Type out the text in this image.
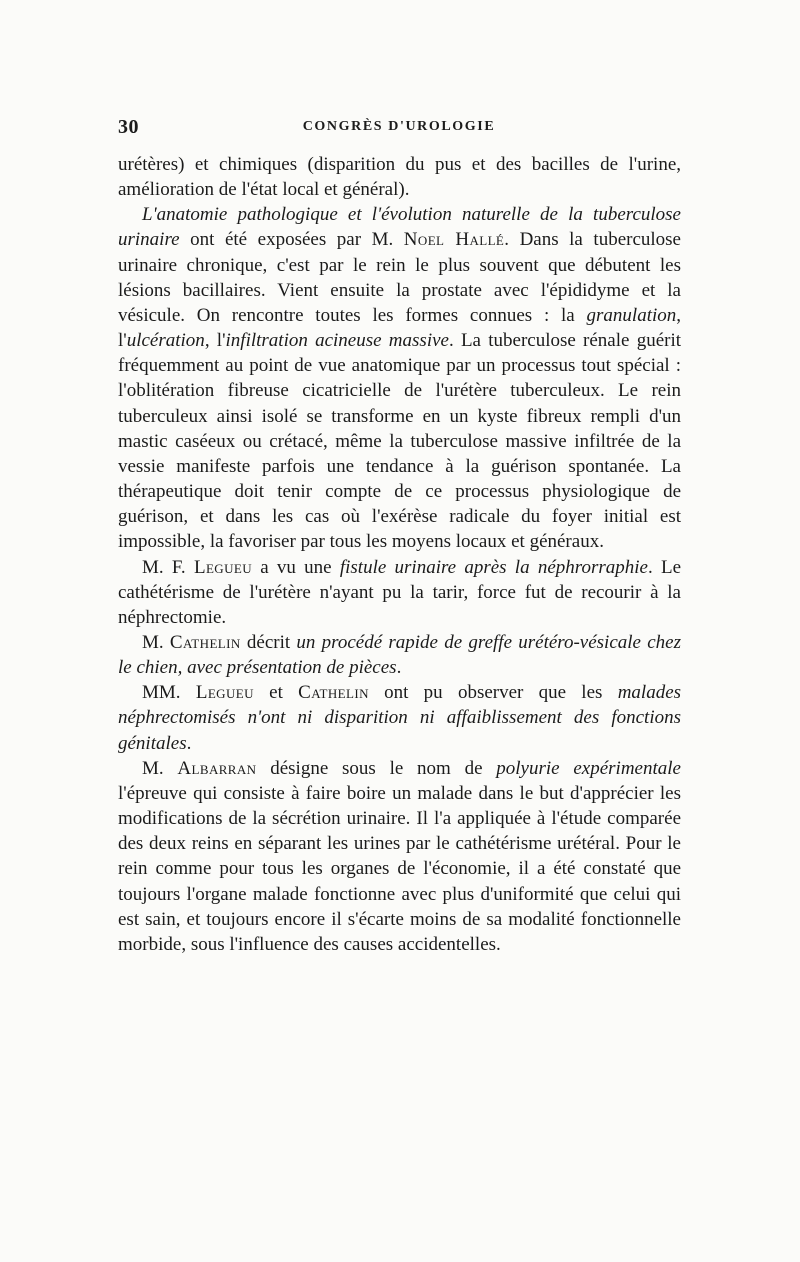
30	CONGRÈS D'UROLOGIE

urétères) et chimiques (disparition du pus et des bacilles de l'urine, amélioration de l'état local et général).

L'anatomie pathologique et l'évolution naturelle de la tuberculose urinaire ont été exposées par M. Noel Hallé. Dans la tuberculose urinaire chronique, c'est par le rein le plus souvent que débutent les lésions bacillaires. Vient ensuite la prostate avec l'épididyme et la vésicule. On rencontre toutes les formes connues : la granulation, l'ulcération, l'infiltration acineuse massive. La tuberculose rénale guérit fréquemment au point de vue anatomique par un processus tout spécial : l'oblitération fibreuse cicatricielle de l'urétère tuberculeux. Le rein tuberculeux ainsi isolé se transforme en un kyste fibreux rempli d'un mastic caséeux ou crétacé, même la tuberculose massive infiltrée de la vessie manifeste parfois une tendance à la guérison spontanée. La thérapeutique doit tenir compte de ce processus physiologique de guérison, et dans les cas où l'exérèse radicale du foyer initial est impossible, la favoriser par tous les moyens locaux et généraux.

M. F. Legueu a vu une fistule urinaire après la néphrorraphie. Le cathétérisme de l'urétère n'ayant pu la tarir, force fut de recourir à la néphrectomie.

M. Cathelin décrit un procédé rapide de greffe urétéro-vésicale chez le chien, avec présentation de pièces.

MM. Legueu et Cathelin ont pu observer que les malades néphrectomisés n'ont ni disparition ni affaiblissement des fonctions génitales.

M. Albarran désigne sous le nom de polyurie expérimentale l'épreuve qui consiste à faire boire un malade dans le but d'apprécier les modifications de la sécrétion urinaire. Il l'a appliquée à l'étude comparée des deux reins en séparant les urines par le cathétérisme urétéral. Pour le rein comme pour tous les organes de l'économie, il a été constaté que toujours l'organe malade fonctionne avec plus d'uniformité que celui qui est sain, et toujours encore il s'écarte moins de sa modalité fonctionnelle morbide, sous l'influence des causes accidentelles.
